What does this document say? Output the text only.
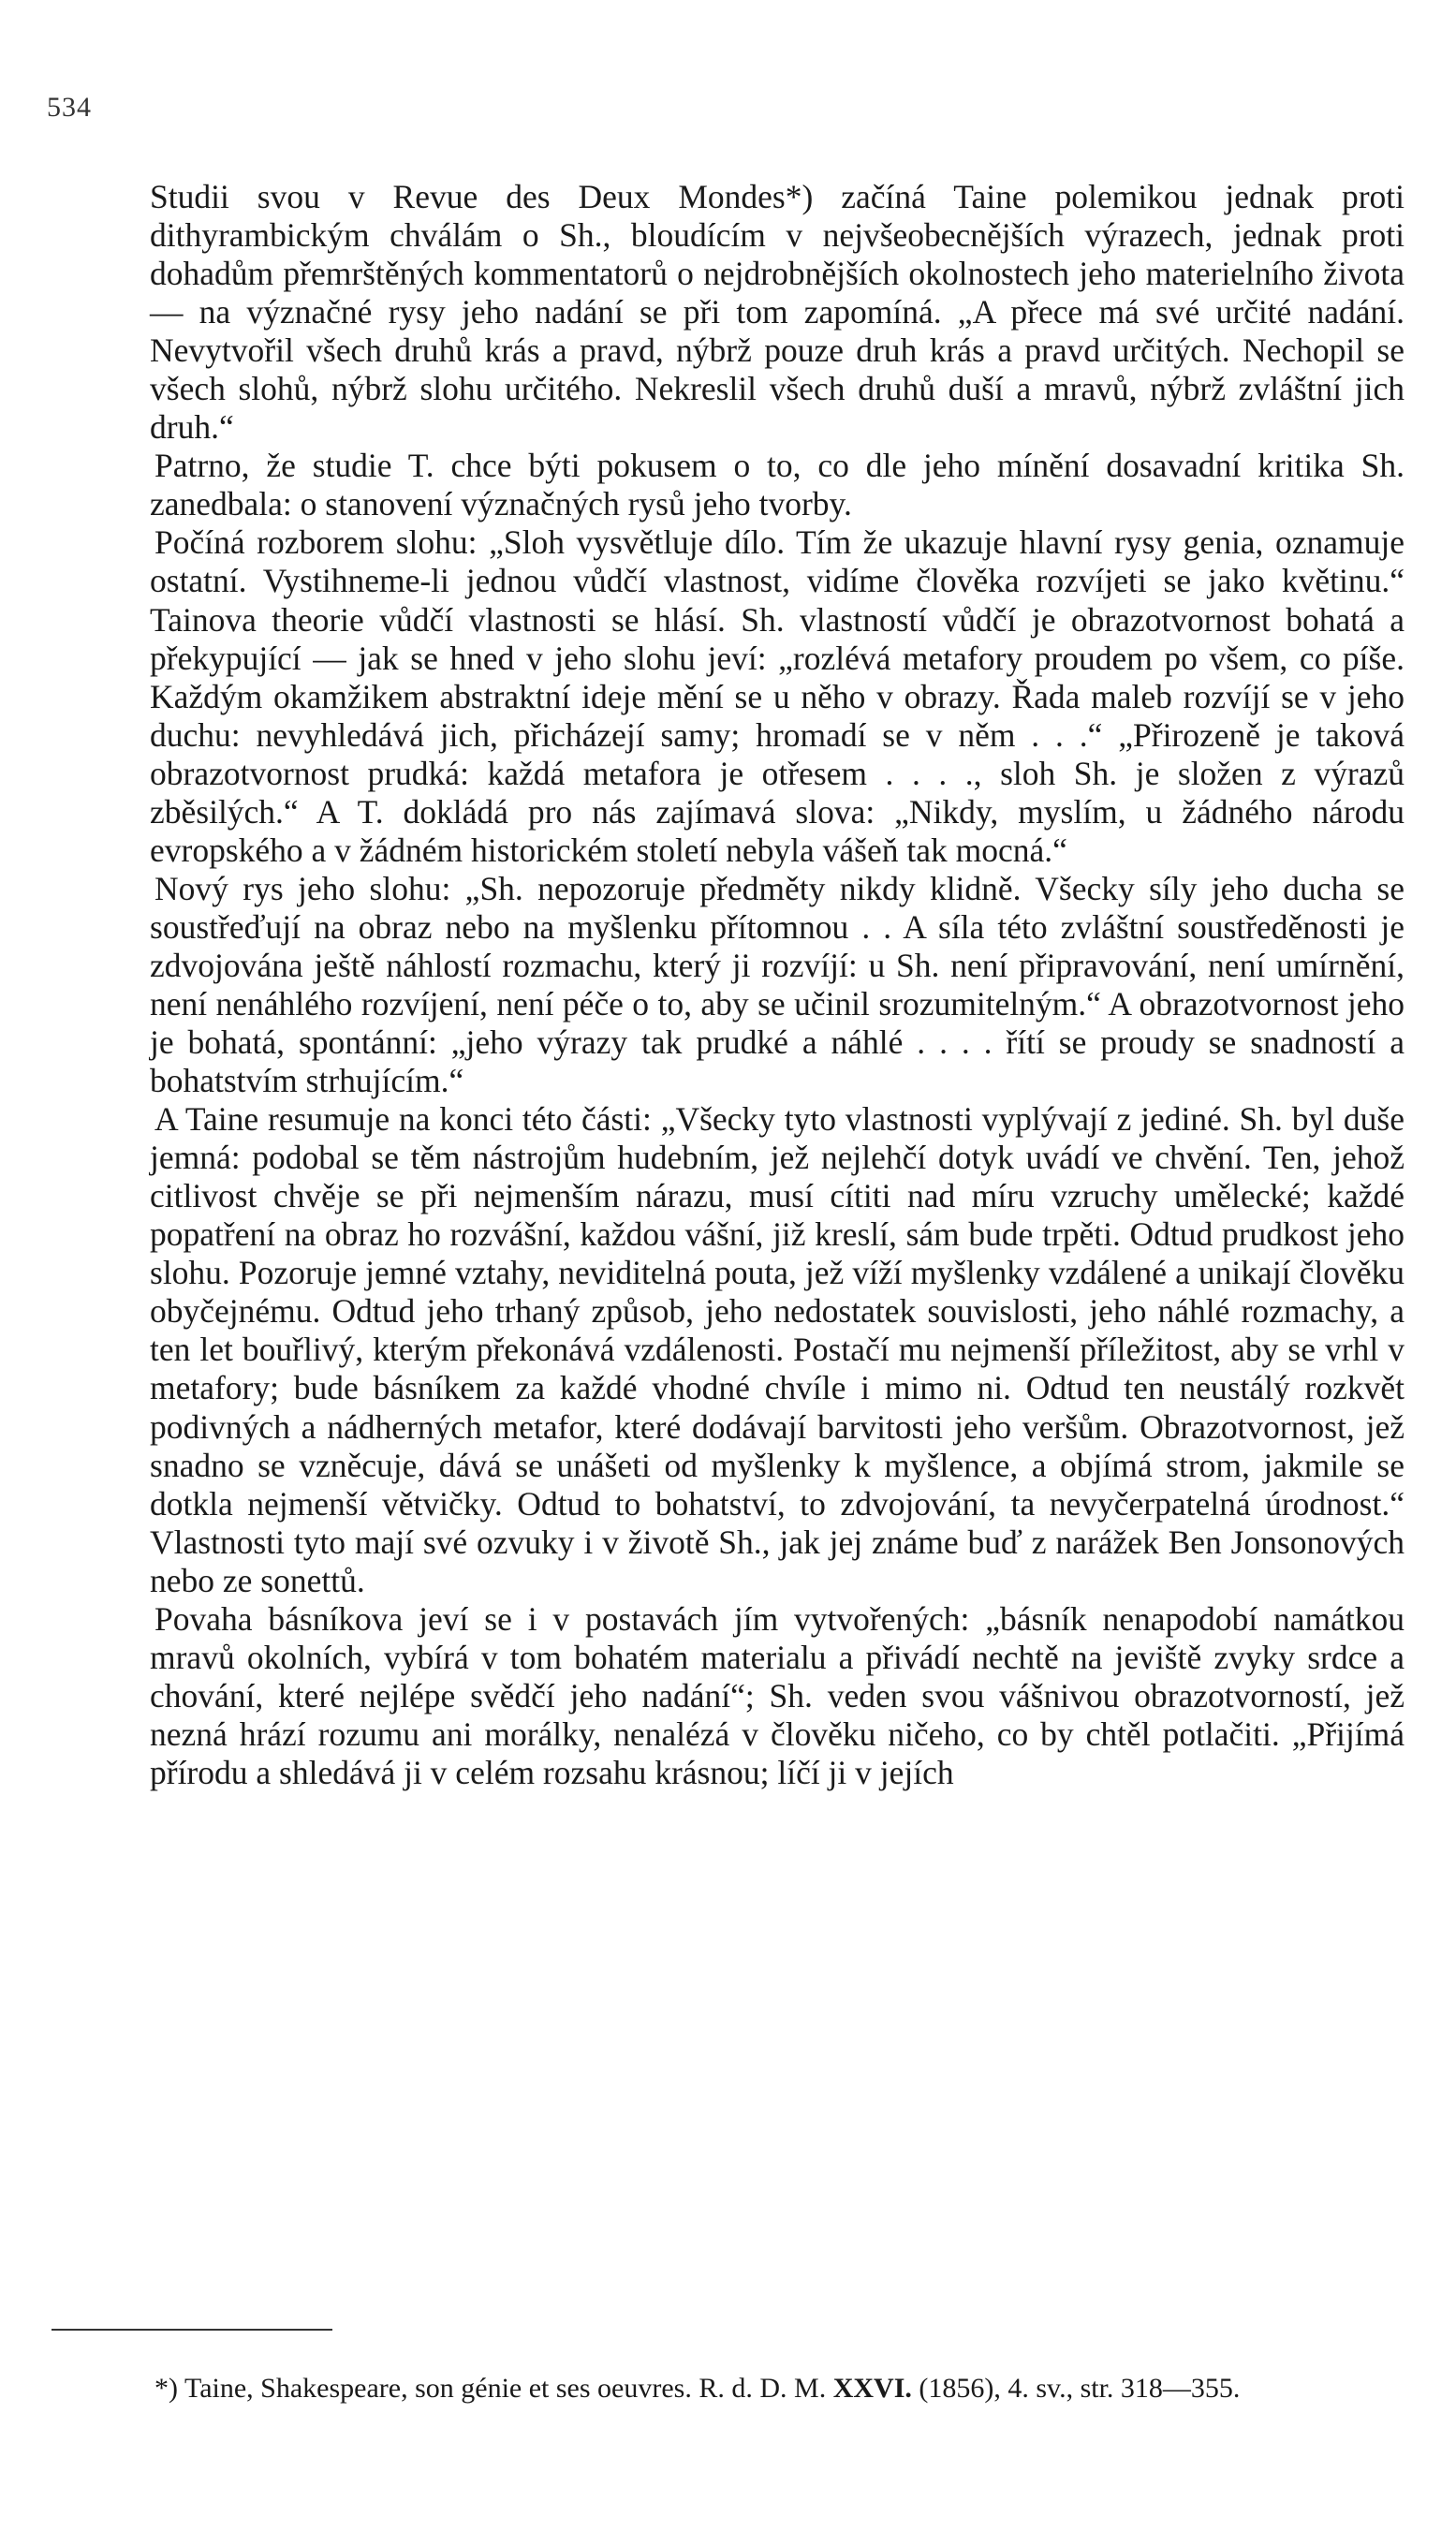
534

Studii svou v Revue des Deux Mondes*) začíná Taine polemikou jednak proti dithyrambickým chválám o Sh., bloudícím v nejvšeobecnějších výrazech, jednak proti dohadům přemrštěných kommentatorů o nejdrobnějších okolnostech jeho materielního života — na význačné rysy jeho nadání se při tom zapomíná. „A přece má své určité nadání. Nevytvořil všech druhů krás a pravd, nýbrž pouze druh krás a pravd určitých. Nechopil se všech slohů, nýbrž slohu určitého. Nekreslil všech druhů duší a mravů, nýbrž zvláštní jich druh.“

Patrno, že studie T. chce býti pokusem o to, co dle jeho mínění dosavadní kritika Sh. zanedbala: o stanovení význačných rysů jeho tvorby.

Počíná rozborem slohu: „Sloh vysvětluje dílo. Tím že ukazuje hlavní rysy genia, oznamuje ostatní. Vystihneme-li jednou vůdčí vlastnost, vidíme člověka rozvíjeti se jako květinu.“ Tainova theorie vůdčí vlastnosti se hlásí. Sh. vlastností vůdčí je obrazotvornost bohatá a překypující — jak se hned v jeho slohu jeví: „rozlévá metafory proudem po všem, co píše. Každým okamžikem abstraktní ideje mění se u něho v obrazy. Řada maleb rozvíjí se v jeho duchu: nevyhledává jich, přicházejí samy; hromadí se v něm . . .“ „Přirozeně je taková obrazotvornost prudká: každá metafora je otřesem . . . ., sloh Sh. je složen z výrazů zběsilých.“ A T. dokládá pro nás zajímavá slova: „Nikdy, myslím, u žádného národu evropského a v žádném historickém století nebyla vášeň tak mocná.“

Nový rys jeho slohu: „Sh. nepozoruje předměty nikdy klidně. Všecky síly jeho ducha se soustřeďují na obraz nebo na myšlenku přítomnou . . A síla této zvláštní soustředěnosti je zdvojována ještě náhlostí rozmachu, který ji rozvíjí: u Sh. není připravování, není umírnění, není nenáhlého rozvíjení, není péče o to, aby se učinil srozumitelným.“ A obrazotvornost jeho je bohatá, spontánní: „jeho výrazy tak prudké a náhlé . . . . řítí se proudy se snadností a bohatstvím strhujícím.“

A Taine resumuje na konci této části: „Všecky tyto vlastnosti vyplývají z jediné. Sh. byl duše jemná: podobal se těm nástrojům hudebním, jež nejlehčí dotyk uvádí ve chvění. Ten, jehož citlivost chvěje se při nejmenším nárazu, musí cítiti nad míru vzruchy umělecké; každé popatření na obraz ho rozvášní, každou vášní, již kreslí, sám bude trpěti. Odtud prudkost jeho slohu. Pozoruje jemné vztahy, neviditelná pouta, jež víží myšlenky vzdálené a unikají člověku obyčejnému. Odtud jeho trhaný způsob, jeho nedostatek souvislosti, jeho náhlé rozmachy, a ten let bouřlivý, kterým překonává vzdálenosti. Postačí mu nejmenší příležitost, aby se vrhl v metafory; bude básníkem za každé vhodné chvíle i mimo ni. Odtud ten neustálý rozkvět podivných a nádherných metafor, které dodávají barvitosti jeho veršům. Obrazotvornost, jež snadno se vzněcuje, dává se unášeti od myšlenky k myšlence, a objímá strom, jakmile se dotkla nejmenší větvičky. Odtud to bohatství, to zdvojování, ta nevyčerpatelná úrodnost.“ Vlastnosti tyto mají své ozvuky i v životě Sh., jak jej známe buď z narážek Ben Jonsonových nebo ze sonettů.

Povaha básníkova jeví se i v postavách jím vytvořených: „básník nenapodobí namátkou mravů okolních, vybírá v tom bohatém materialu a přivádí nechtě na jeviště zvyky srdce a chování, které nejlépe svědčí jeho nadání“; Sh. veden svou vášnivou obrazotvorností, jež nezná hrází rozumu ani morálky, nenalézá v člověku ničeho, co by chtěl potlačiti. „Přijímá přírodu a shledává ji v celém rozsahu krásnou; líčí ji v jejích

*) Taine, Shakespeare, son génie et ses oeuvres. R. d. D. M. XXVI. (1856), 4. sv., str. 318—355.
